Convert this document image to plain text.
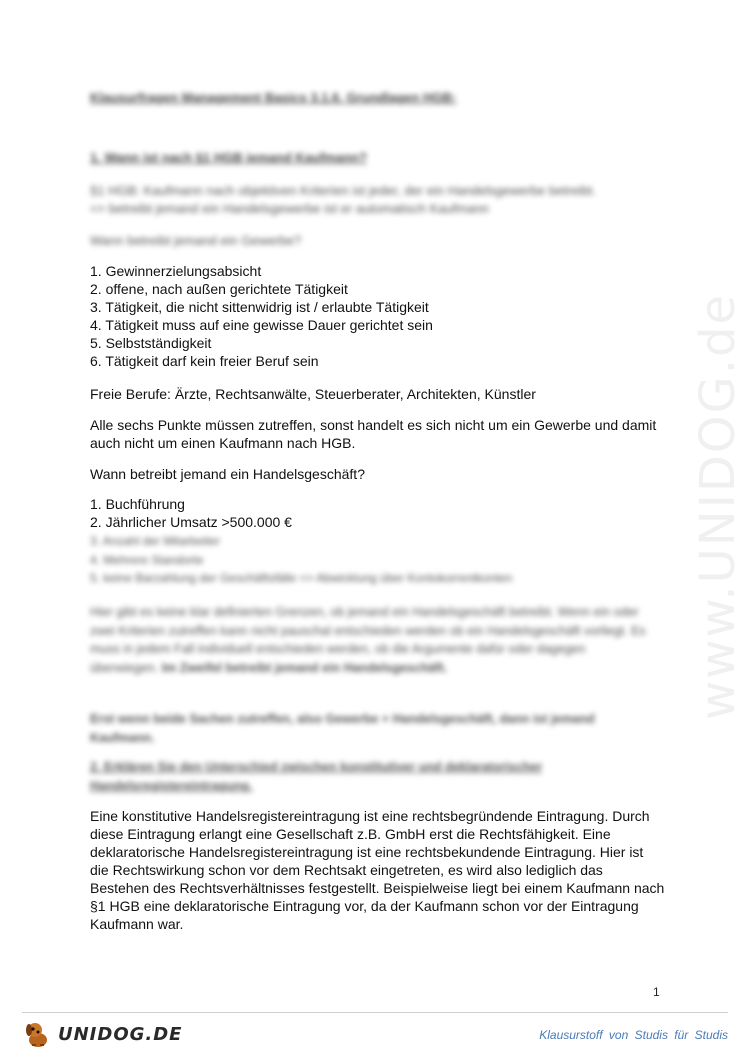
www.UNIDOG.de
Klausurfragen Management Basics 3.1.6. Grundlagen HGB:
1. Wann ist nach §1 HGB jemand Kaufmann?
§1 HGB: Kaufmann nach objektiven Kriterien ist jeder, der ein Handelsgewerbe betreibt.
=> betreibt jemand ein Handelsgewerbe ist er automatisch Kaufmann
Wann betreibt jemand ein Gewerbe?
1. Gewinnerzielungsabsicht
2. offene, nach außen gerichtete Tätigkeit
3. Tätigkeit, die nicht sittenwidrig ist / erlaubte Tätigkeit
4. Tätigkeit muss auf eine gewisse Dauer gerichtet sein
5. Selbstständigkeit
6. Tätigkeit darf kein freier Beruf sein
Freie Berufe: Ärzte, Rechtsanwälte, Steuerberater, Architekten, Künstler
Alle sechs Punkte müssen zutreffen, sonst handelt es sich nicht um ein Gewerbe und damit auch nicht um einen Kaufmann nach HGB.
Wann betreibt jemand ein Handelsgeschäft?
1. Buchführung
2. Jährlicher Umsatz >500.000 €
3. Anzahl der Mitarbeiter
4. Mehrere Standorte
5. keine Barzahlung der Geschäftsfälle => Abwicklung über Kontokorrentkonten
Hier gibt es keine klar definierten Grenzen, ob jemand ein Handelsgeschäft betreibt. Wenn ein oder zwei Kriterien zutreffen kann nicht pauschal entschieden werden ob ein Handelsgeschäft vorliegt. Es muss in jedem Fall individuell entschieden werden, ob die Argumente dafür oder dagegen überwiegen. Im Zweifel betreibt jemand ein Handelsgeschäft.
Erst wenn beide Sachen zutreffen, also Gewerbe + Handelsgeschäft, dann ist jemand Kaufmann.
2. Erklären Sie den Unterschied zwischen konstitutiver und deklaratorischer Handelsregistereintragung.
Eine konstitutive Handelsregistereintragung ist eine rechtsbegründende Eintragung. Durch diese Eintragung erlangt eine Gesellschaft z.B. GmbH erst die Rechtsfähigkeit. Eine deklaratorische Handelsregistereintragung ist eine rechtsbekundende Eintragung. Hier ist die Rechtswirkung schon vor dem Rechtsakt eingetreten, es wird also lediglich das Bestehen des Rechtsverhältnisses festgestellt. Beispielweise liegt bei einem Kaufmann nach §1 HGB eine deklaratorische Eintragung vor, da der Kaufmann schon vor der Eintragung Kaufmann war.
1
UNIDOG.DE	Klausurstoff von Studis für Studis
